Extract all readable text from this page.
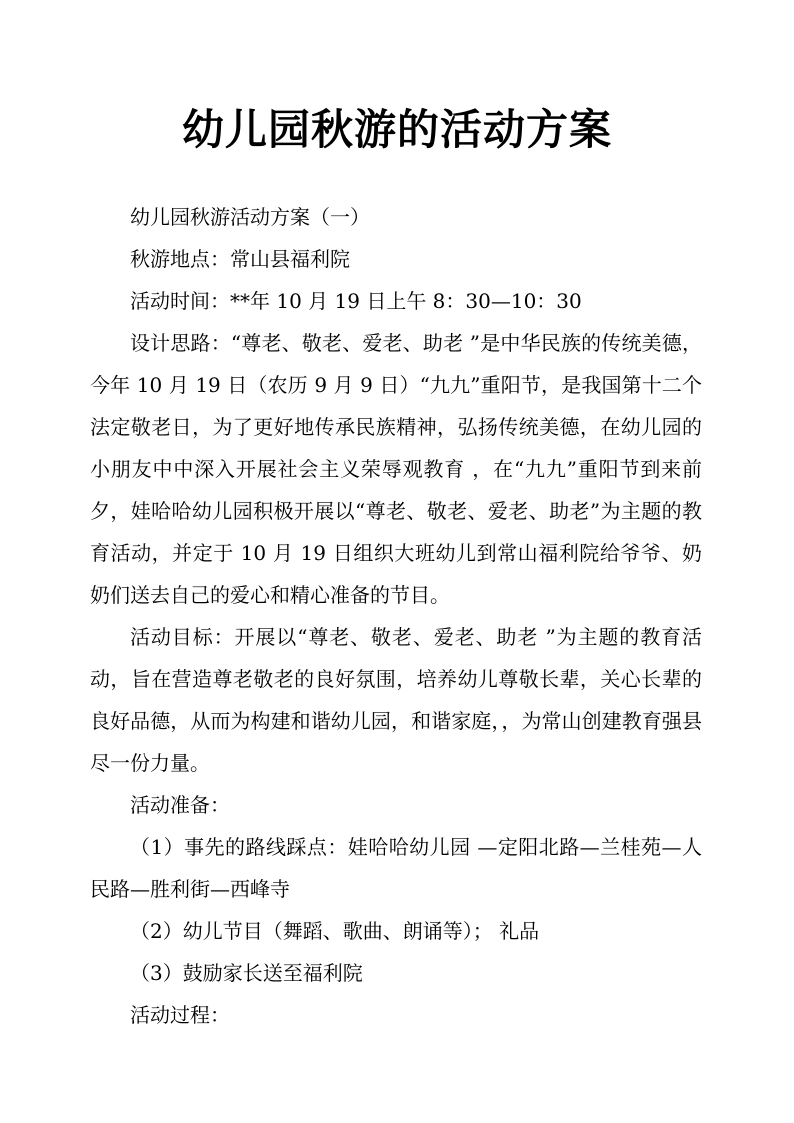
幼儿园秋游的活动方案

幼儿园秋游活动方案（一）

秋游地点：常山县福利院

活动时间：**年 10 月 19 日上午 8：30—10：30

设计思路：“尊老、敬老、爱老、助老 ”是中华民族的传统美德，今年 10 月 19 日（农历 9 月 9 日）“九九”重阳节，是我国第十二个法定敬老日，为了更好地传承民族精神，弘扬传统美德，在幼儿园的小朋友中中深入开展社会主义荣辱观教育 ，在“九九”重阳节到来前夕，娃哈哈幼儿园积极开展以“尊老、敬老、爱老、助老”为主题的教育活动，并定于 10 月 19 日组织大班幼儿到常山福利院给爷爷、奶奶们送去自己的爱心和精心准备的节目。

活动目标：开展以“尊老、敬老、爱老、助老 ”为主题的教育活动，旨在营造尊老敬老的良好氛围，培养幼儿尊敬长辈，关心长辈的良好品德，从而为构建和谐幼儿园，和谐家庭，，为常山创建教育强县尽一份力量。

活动准备：

（1）事先的路线踩点：娃哈哈幼儿园 —定阳北路—兰桂苑—人民路—胜利街—西峰寺

（2）幼儿节目（舞蹈、歌曲、朗诵等）； 礼品

（3）鼓励家长送至福利院

活动过程：
